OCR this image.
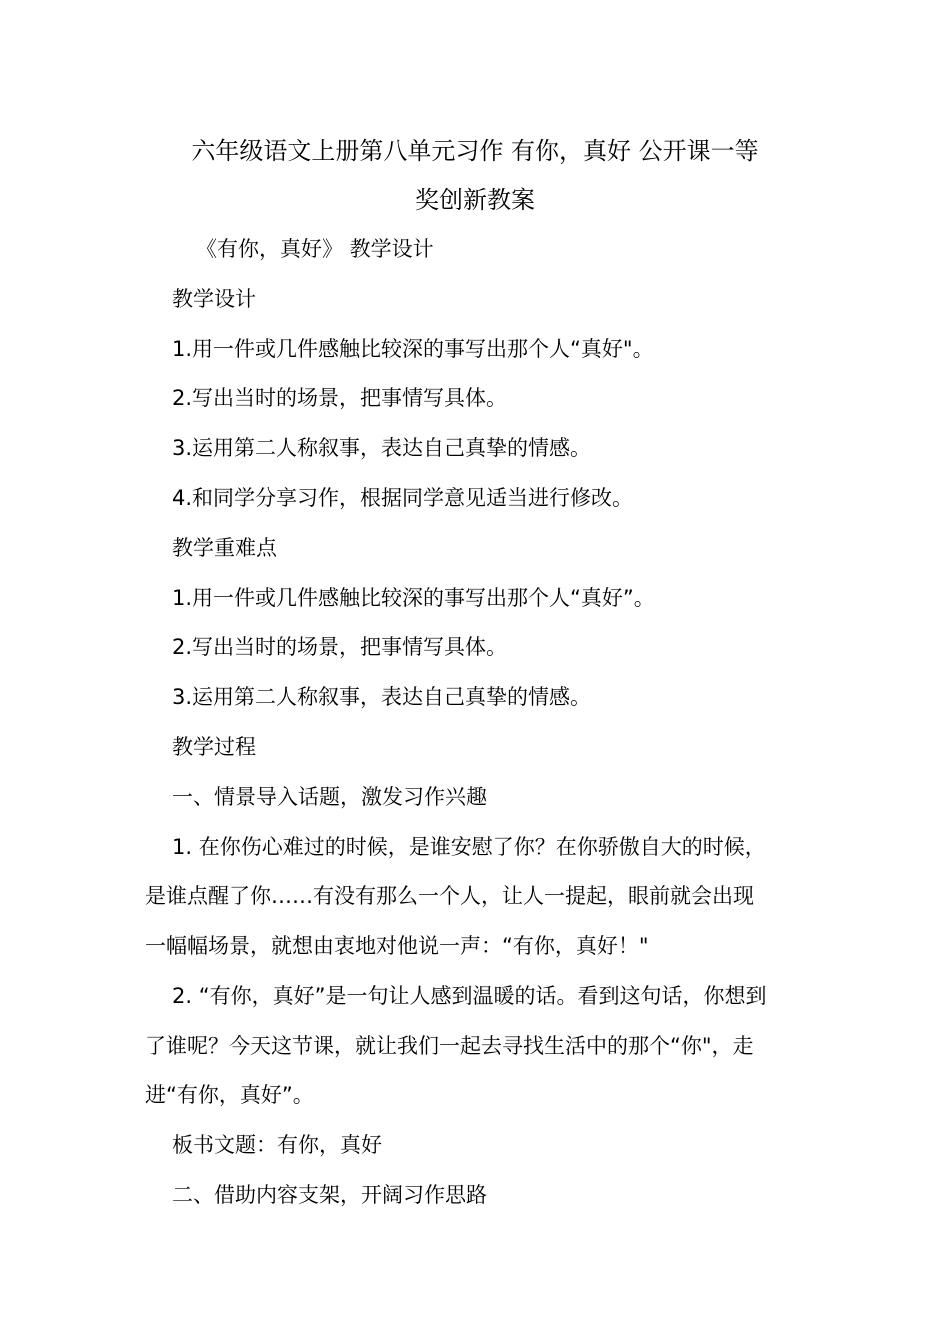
六年级语文上册第八单元习作 有你，真好 公开课一等
奖创新教案
《有你，真好》 教学设计
教学设计
1.用一件或几件感触比较深的事写出那个人“真好"。
2.写出当时的场景，把事情写具体。
3.运用第二人称叙事，表达自己真挚的情感。
4.和同学分享习作，根据同学意见适当进行修改。
教学重难点
1.用一件或几件感触比较深的事写出那个人“真好”。
2.写出当时的场景，把事情写具体。
3.运用第二人称叙事，表达自己真挚的情感。
教学过程
一、情景导入话题，激发习作兴趣
1. 在你伤心难过的时候，是谁安慰了你？在你骄傲自大的时候，
是谁点醒了你……有没有那么一个人，让人一提起，眼前就会出现
一幅幅场景，就想由衷地对他说一声：“有你，真好！"
2. “有你，真好”是一句让人感到温暖的话。看到这句话，你想到
了谁呢？今天这节课，就让我们一起去寻找生活中的那个“你"，走
进“有你，真好”。
板书文题：有你，真好
二、借助内容支架，开阔习作思路
